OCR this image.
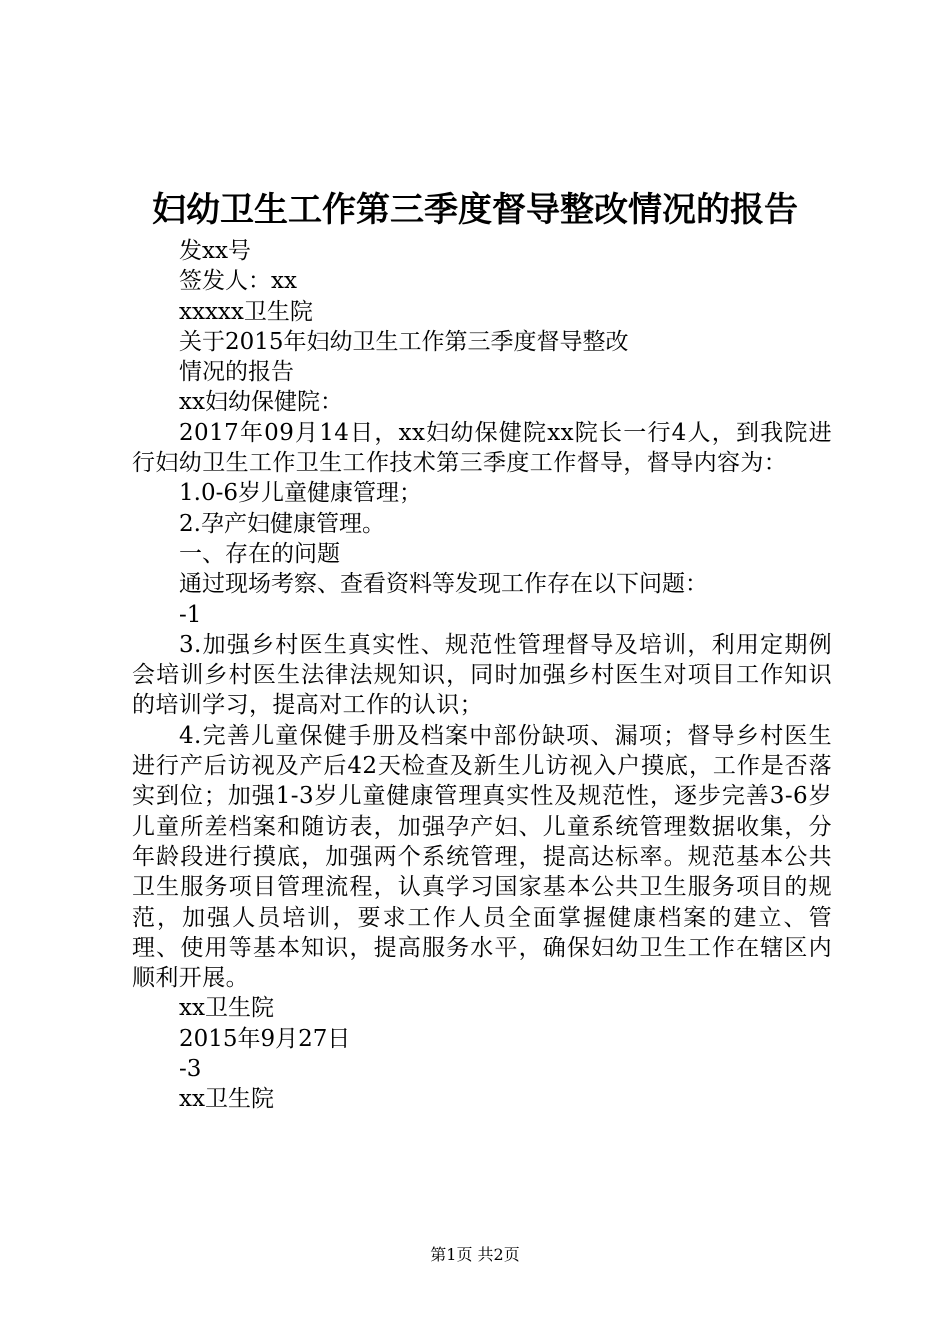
妇幼卫生工作第三季度督导整改情况的报告
发xx号
签发人：xx
xxxxx卫生院
关于2015年妇幼卫生工作第三季度督导整改
情况的报告
xx妇幼保健院：
2017年09月14日，xx妇幼保健院xx院长一行4人，到我院进行妇幼卫生工作卫生工作技术第三季度工作督导，督导内容为：
1.0-6岁儿童健康管理；
2.孕产妇健康管理。
一、存在的问题
通过现场考察、查看资料等发现工作存在以下问题：
-1
3.加强乡村医生真实性、规范性管理督导及培训，利用定期例会培训乡村医生法律法规知识，同时加强乡村医生对项目工作知识的培训学习，提高对工作的认识；
4.完善儿童保健手册及档案中部份缺项、漏项；督导乡村医生进行产后访视及产后42天检查及新生儿访视入户摸底，工作是否落实到位；加强1-3岁儿童健康管理真实性及规范性，逐步完善3-6岁儿童所差档案和随访表，加强孕产妇、儿童系统管理数据收集，分年龄段进行摸底，加强两个系统管理，提高达标率。规范基本公共卫生服务项目管理流程，认真学习国家基本公共卫生服务项目的规范，加强人员培训，要求工作人员全面掌握健康档案的建立、管理、使用等基本知识，提高服务水平，确保妇幼卫生工作在辖区内顺利开展。
xx卫生院
2015年9月27日
-3
xx卫生院
第1页 共2页
